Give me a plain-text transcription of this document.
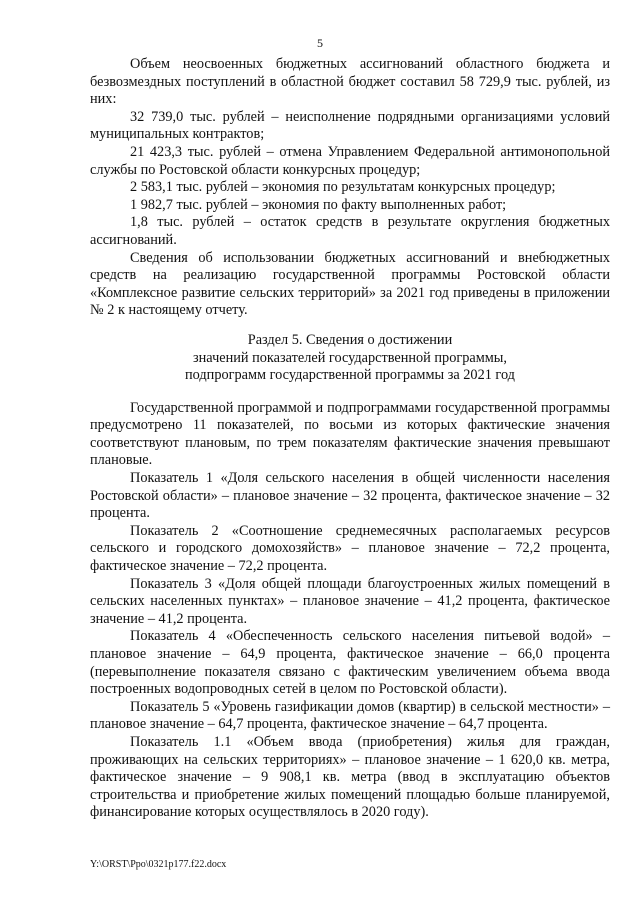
5

Объем неосвоенных бюджетных ассигнований областного бюджета и безвозмездных поступлений в областной бюджет составил 58 729,9 тыс. рублей, из них:

32 739,0 тыс. рублей – неисполнение подрядными организациями условий муниципальных контрактов;

21 423,3 тыс. рублей – отмена Управлением Федеральной антимонопольной службы по Ростовской области конкурсных процедур;

2 583,1 тыс. рублей – экономия по результатам конкурсных процедур;

1 982,7 тыс. рублей – экономия по факту выполненных работ;

1,8 тыс. рублей – остаток средств в результате округления бюджетных ассигнований.

Сведения об использовании бюджетных ассигнований и внебюджетных средств на реализацию государственной программы Ростовской области «Комплексное развитие сельских территорий» за 2021 год приведены в приложении № 2 к настоящему отчету.

Раздел 5. Сведения о достижении
значений показателей государственной программы,
подпрограмм государственной программы за 2021 год

Государственной программой и подпрограммами государственной программы предусмотрено 11 показателей, по восьми из которых фактические значения соответствуют плановым, по трем показателям фактические значения превышают плановые.

Показатель 1 «Доля сельского населения в общей численности населения Ростовской области» – плановое значение – 32 процента, фактическое значение – 32 процента.

Показатель 2 «Соотношение среднемесячных располагаемых ресурсов сельского и городского домохозяйств» – плановое значение – 72,2 процента, фактическое значение – 72,2 процента.

Показатель 3 «Доля общей площади благоустроенных жилых помещений в сельских населенных пунктах» – плановое значение – 41,2 процента, фактическое значение – 41,2 процента.

Показатель 4 «Обеспеченность сельского населения питьевой водой» – плановое значение – 64,9 процента, фактическое значение – 66,0 процента (перевыполнение показателя связано с фактическим увеличением объема ввода построенных водопроводных сетей в целом по Ростовской области).

Показатель 5 «Уровень газификации домов (квартир) в сельской местности» – плановое значение – 64,7 процента, фактическое значение – 64,7 процента.

Показатель 1.1 «Объем ввода (приобретения) жилья для граждан, проживающих на сельских территориях» – плановое значение – 1 620,0 кв. метра, фактическое значение – 9 908,1 кв. метра (ввод в эксплуатацию объектов строительства и приобретение жилых помещений площадью больше планируемой, финансирование которых осуществлялось в 2020 году).

Y:\ORST\Ppo\0321p177.f22.docx
